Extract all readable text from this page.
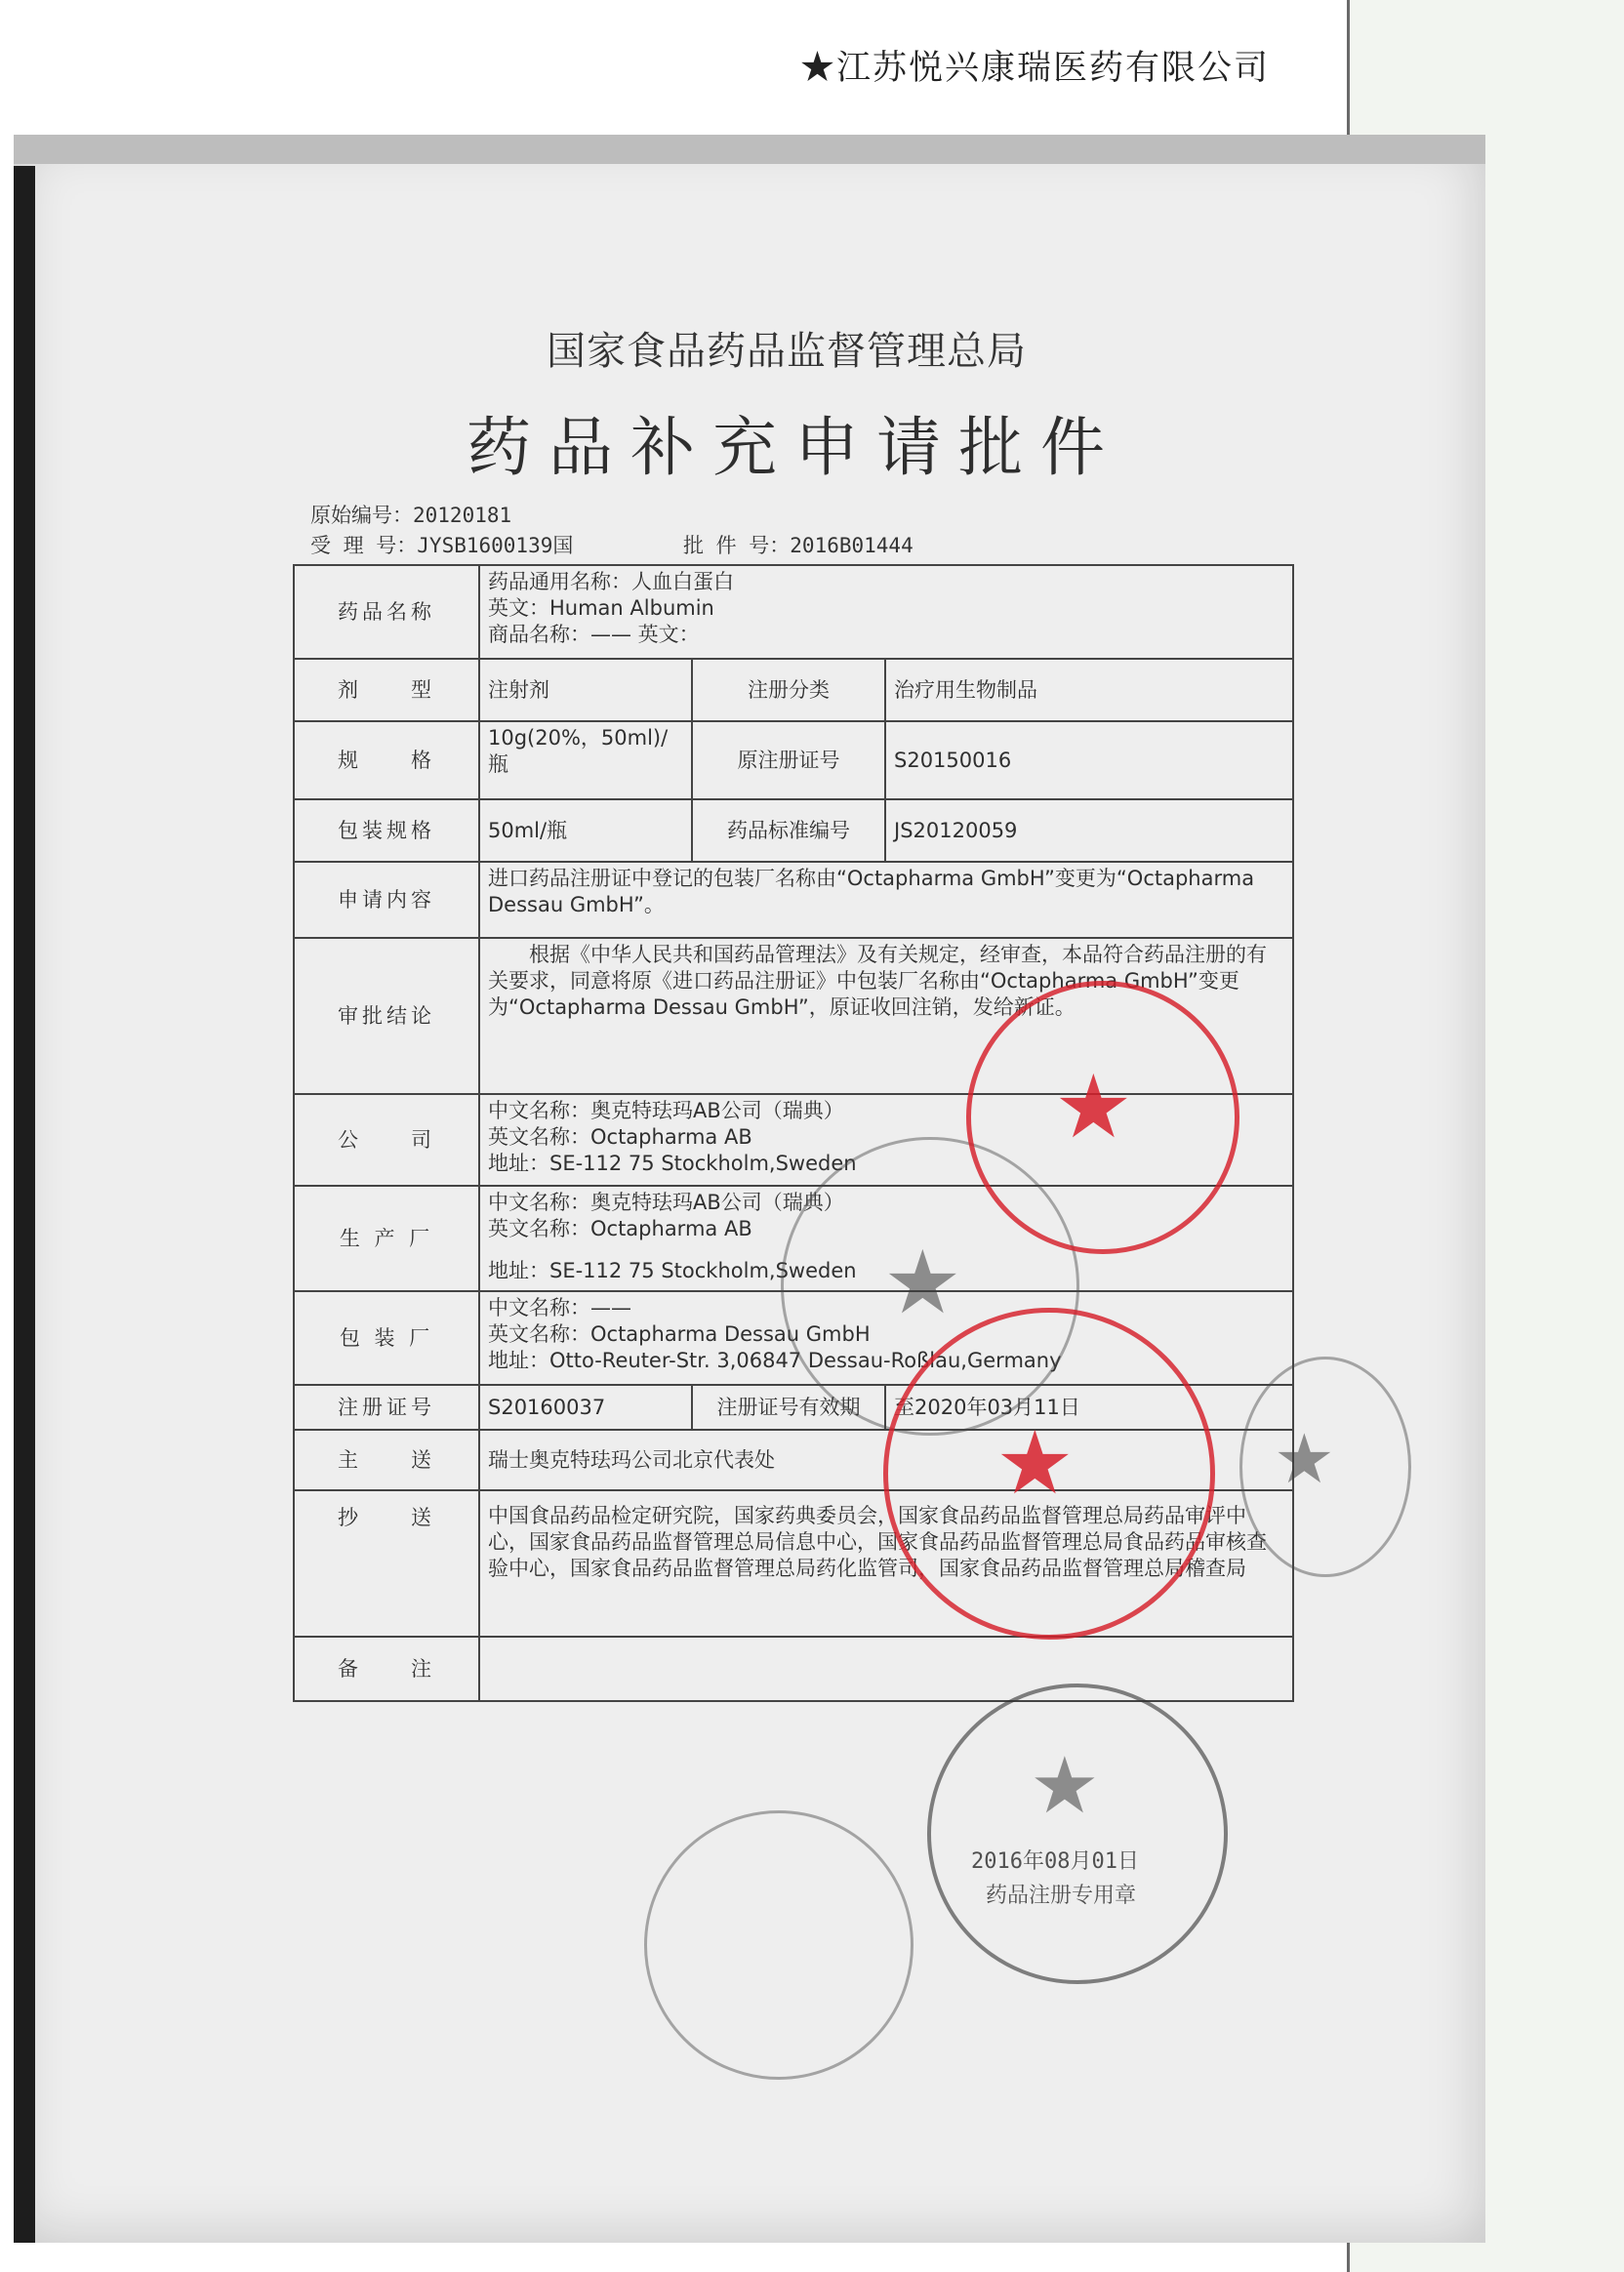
★江苏悦兴康瑞医药有限公司
国家食品药品监督管理总局
药品补充申请批件
原始编号：20120181
受 理 号：JYSB1600139国	批 件 号：2016B01444
药品名称	药品通用名称：人血白蛋白
英文：Human Albumin
商品名称：—— 英文：		

剂　　型	注射剂	注册分类	治疗用生物制品
规　　格	10g(20%，50ml)/瓶	原注册证号	S20150016
包装规格	50ml/瓶	药品标准编号	JS20120059
申请内容	进口药品注册证中登记的包装厂名称由“Octapharma GmbH”变更为“Octapharma Dessau GmbH”。		
审批结论	根据《中华人民共和国药品管理法》及有关规定，经审查，本品符合药品注册的有关要求，同意将原《进口药品注册证》中包装厂名称由“Octapharma GmbH”变更为“Octapharma Dessau GmbH”，原证收回注销，发给新证。		
公　　司	中文名称：奥克特珐玛AB公司（瑞典）
英文名称：Octapharma AB
地址：SE-112 75 Stockholm,Sweden		

生 产 厂	中文名称：奥克特珐玛AB公司（瑞典）
英文名称：Octapharma AB
地址：SE-112 75 Stockholm,Sweden		

包 装 厂	中文名称：——
英文名称：Octapharma Dessau GmbH
地址：Otto-Reuter-Str. 3,06847 Dessau-Roßlau,Germany		

注册证号	S20160037	注册证号有效期	至2020年03月11日
主　　送	瑞士奥克特珐玛公司北京代表处		
抄　　送	中国食品药品检定研究院，国家药典委员会，国家食品药品监督管理总局药品审评中心，国家食品药品监督管理总局信息中心，国家食品药品监督管理总局食品药品审核查验中心，国家食品药品监督管理总局药化监管司，国家食品药品监督管理总局稽查局		
备　　注			
★
★
★	★
★
2016年08月01日
药品注册专用章
